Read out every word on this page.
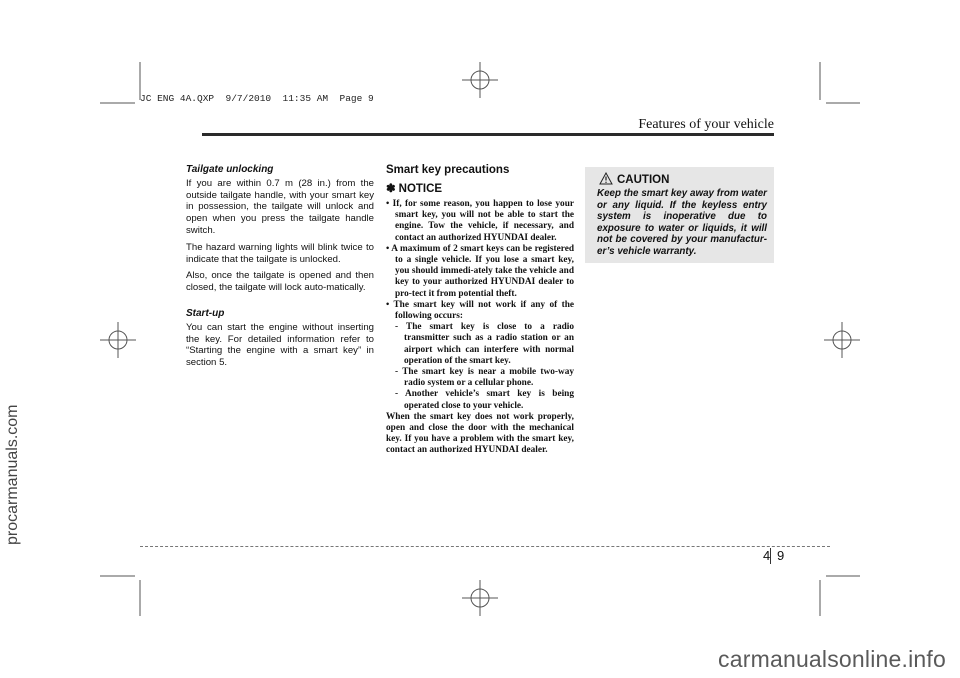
JC ENG 4A.QXP  9/7/2010  11:35 AM  Page 9
Features of your vehicle
Tailgate unlocking

If you are within 0.7 m (28 in.) from the outside tailgate handle, with your smart key in possession, the tailgate will unlock and open when you press the tailgate handle switch.

The hazard warning lights will blink twice to indicate that the tailgate is unlocked.

Also, once the tailgate is opened and then closed, the tailgate will lock auto-matically.

Start-up

You can start the engine without inserting the key. For detailed information refer to “Starting the engine with a smart key” in section 5.

Smart key precautions
✽ NOTICE
• If, for some reason, you happen to lose your smart key, you will not be able to start the engine. Tow the vehicle, if necessary, and contact an authorized HYUNDAI dealer.
• A maximum of 2 smart keys can be registered to a single vehicle. If you lose a smart key, you should immedi-ately take the vehicle and key to your authorized HYUNDAI dealer to pro-tect it from potential theft.
• The smart key will not work if any of the following occurs:
- The smart key is close to a radio transmitter such as a radio station or an airport which can interfere with normal operation of the smart key.
- The smart key is near a mobile two-way radio system or a cellular phone.
- Another vehicle’s smart key is being operated close to your vehicle.
When the smart key does not work properly, open and close the door with the mechanical key. If you have a problem with the smart key, contact an authorized HYUNDAI dealer.
CAUTION
Keep the smart key away from water or any liquid. If the keyless entry system is inoperative due to exposure to water or liquids, it will not be covered by your manufactur-er’s vehicle warranty.
4 9
procarmanuals.com
carmanualsonline.info
